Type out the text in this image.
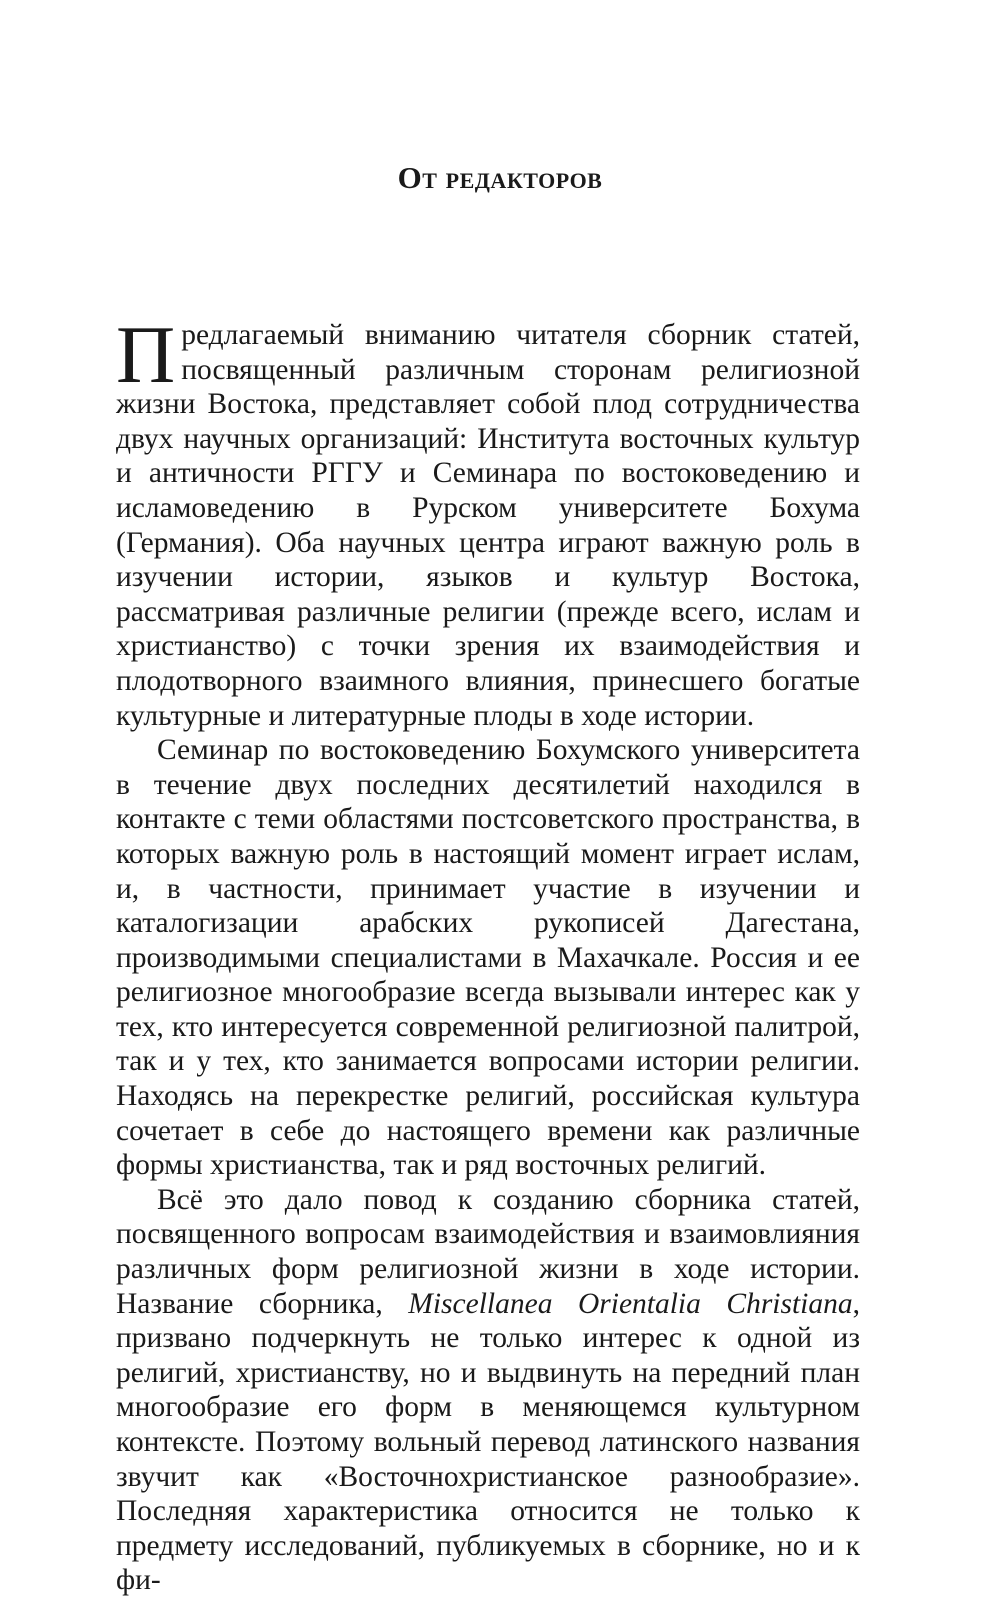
От редакторов

Предлагаемый вниманию читателя сборник статей, посвященный различным сторонам религиозной жизни Востока, представляет собой плод сотрудничества двух научных организаций: Института восточных культур и античности РГГУ и Семинара по востоковедению и исламоведению в Рурском университете Бохума (Германия). Оба научных центра играют важную роль в изучении истории, языков и культур Востока, рассматривая различные религии (прежде всего, ислам и христианство) с точки зрения их взаимодействия и плодотворного взаимного влияния, принесшего богатые культурные и литературные плоды в ходе истории.

Семинар по востоковедению Бохумского университета в течение двух последних десятилетий находился в контакте с теми областями постсоветского пространства, в которых важную роль в настоящий момент играет ислам, и, в частности, принимает участие в изучении и каталогизации арабских рукописей Дагестана, производимыми специалистами в Махачкале. Россия и ее религиозное многообразие всегда вызывали интерес как у тех, кто интересуется современной религиозной палитрой, так и у тех, кто занимается вопросами истории религии. Находясь на перекрестке религий, российская культура сочетает в себе до настоящего времени как различные формы христианства, так и ряд восточных религий.

Всё это дало повод к созданию сборника статей, посвященного вопросам взаимодействия и взаимовлияния различных форм религиозной жизни в ходе истории. Название сборника, Miscellanea Orientalia Christiana, призвано подчеркнуть не только интерес к одной из религий, христианству, но и выдвинуть на передний план многообразие его форм в меняющемся культурном контексте. Поэтому вольный перевод латинского названия звучит как «Восточнохристианское разнообразие». Последняя характеристика относится не только к предмету исследований, публикуемых в сборнике, но и к фи-
